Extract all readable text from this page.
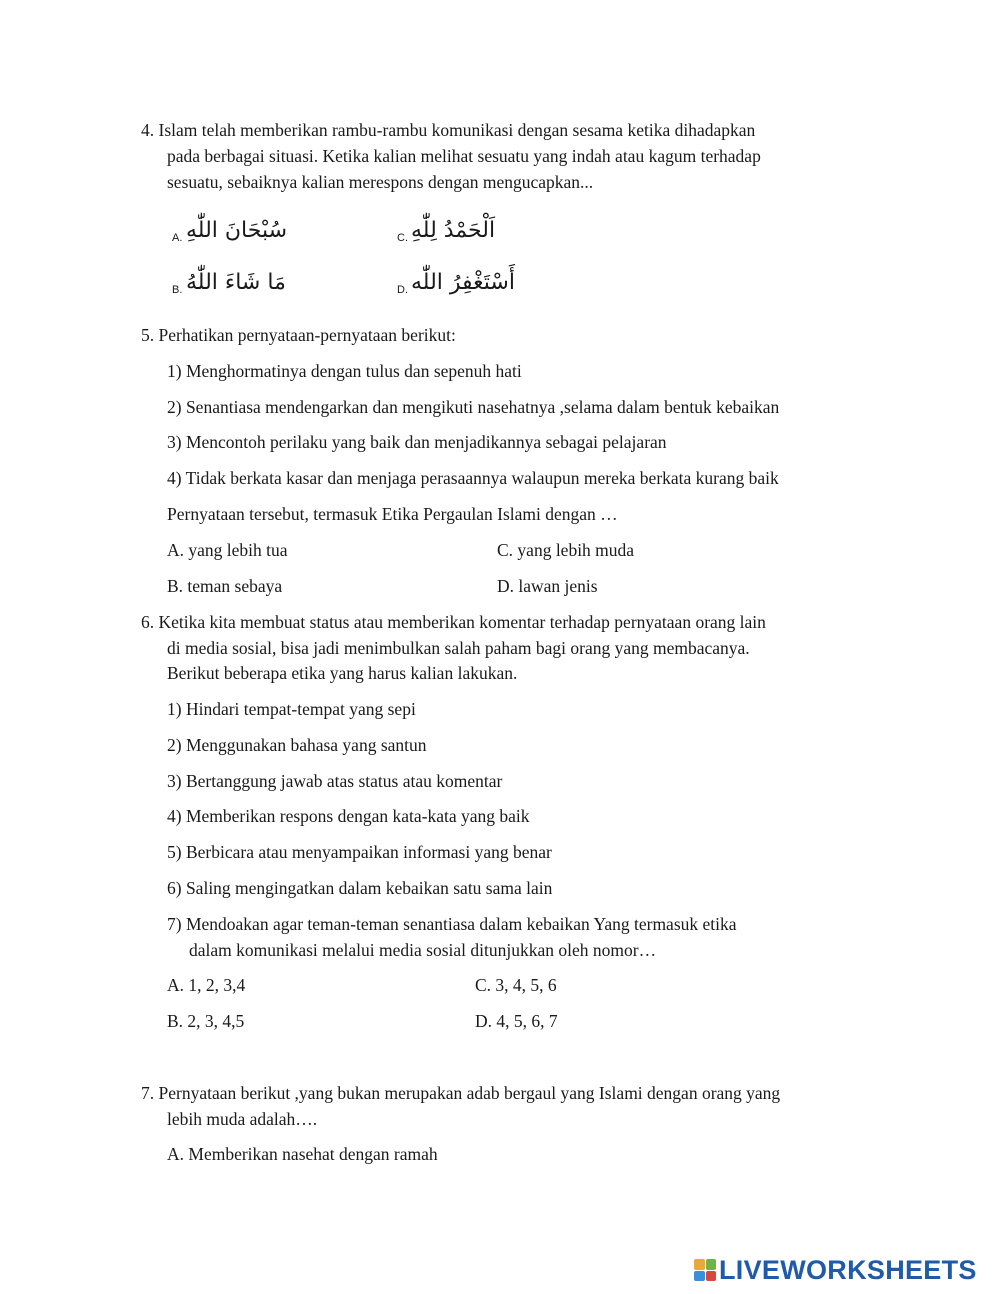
4. Islam telah memberikan rambu-rambu komunikasi dengan sesama ketika dihadapkan
pada berbagai situasi. Ketika kalian melihat sesuatu yang indah atau kagum terhadap
sesuatu, sebaiknya kalian merespons dengan mengucapkan...
A. سُبْحَانَ اللّٰهِ	C. اَلْحَمْدُ لِلّٰهِ
B. مَا شَاءَ اللّٰهُ	D. أَسْتَغْفِرُ اللّٰه
5. Perhatikan pernyataan-pernyataan berikut:
1) Menghormatinya dengan tulus dan sepenuh hati
2) Senantiasa mendengarkan dan mengikuti nasehatnya ,selama dalam bentuk kebaikan
3) Mencontoh perilaku yang baik dan menjadikannya sebagai pelajaran
4) Tidak berkata kasar dan menjaga perasaannya walaupun mereka berkata kurang baik
Pernyataan tersebut, termasuk Etika Pergaulan Islami dengan …
A. yang lebih tua	C. yang lebih muda
B. teman sebaya	D. lawan jenis
6. Ketika kita membuat status atau memberikan komentar terhadap pernyataan orang lain
di media sosial, bisa jadi menimbulkan salah paham bagi orang yang membacanya.
Berikut beberapa etika yang harus kalian lakukan.
1) Hindari tempat-tempat yang sepi
2) Menggunakan bahasa yang santun
3) Bertanggung jawab atas status atau komentar
4) Memberikan respons dengan kata-kata yang baik
5) Berbicara atau menyampaikan informasi yang benar
6) Saling mengingatkan dalam kebaikan satu sama lain
7) Mendoakan agar teman-teman senantiasa dalam kebaikan Yang termasuk etika
dalam komunikasi melalui media sosial ditunjukkan oleh nomor…
A. 1, 2, 3,4	C. 3, 4, 5, 6
B. 2, 3, 4,5	D. 4, 5, 6, 7
7. Pernyataan berikut ,yang bukan merupakan adab bergaul yang Islami dengan orang yang
lebih muda adalah….
A. Memberikan nasehat dengan ramah
LIVEWORKSHEETS
